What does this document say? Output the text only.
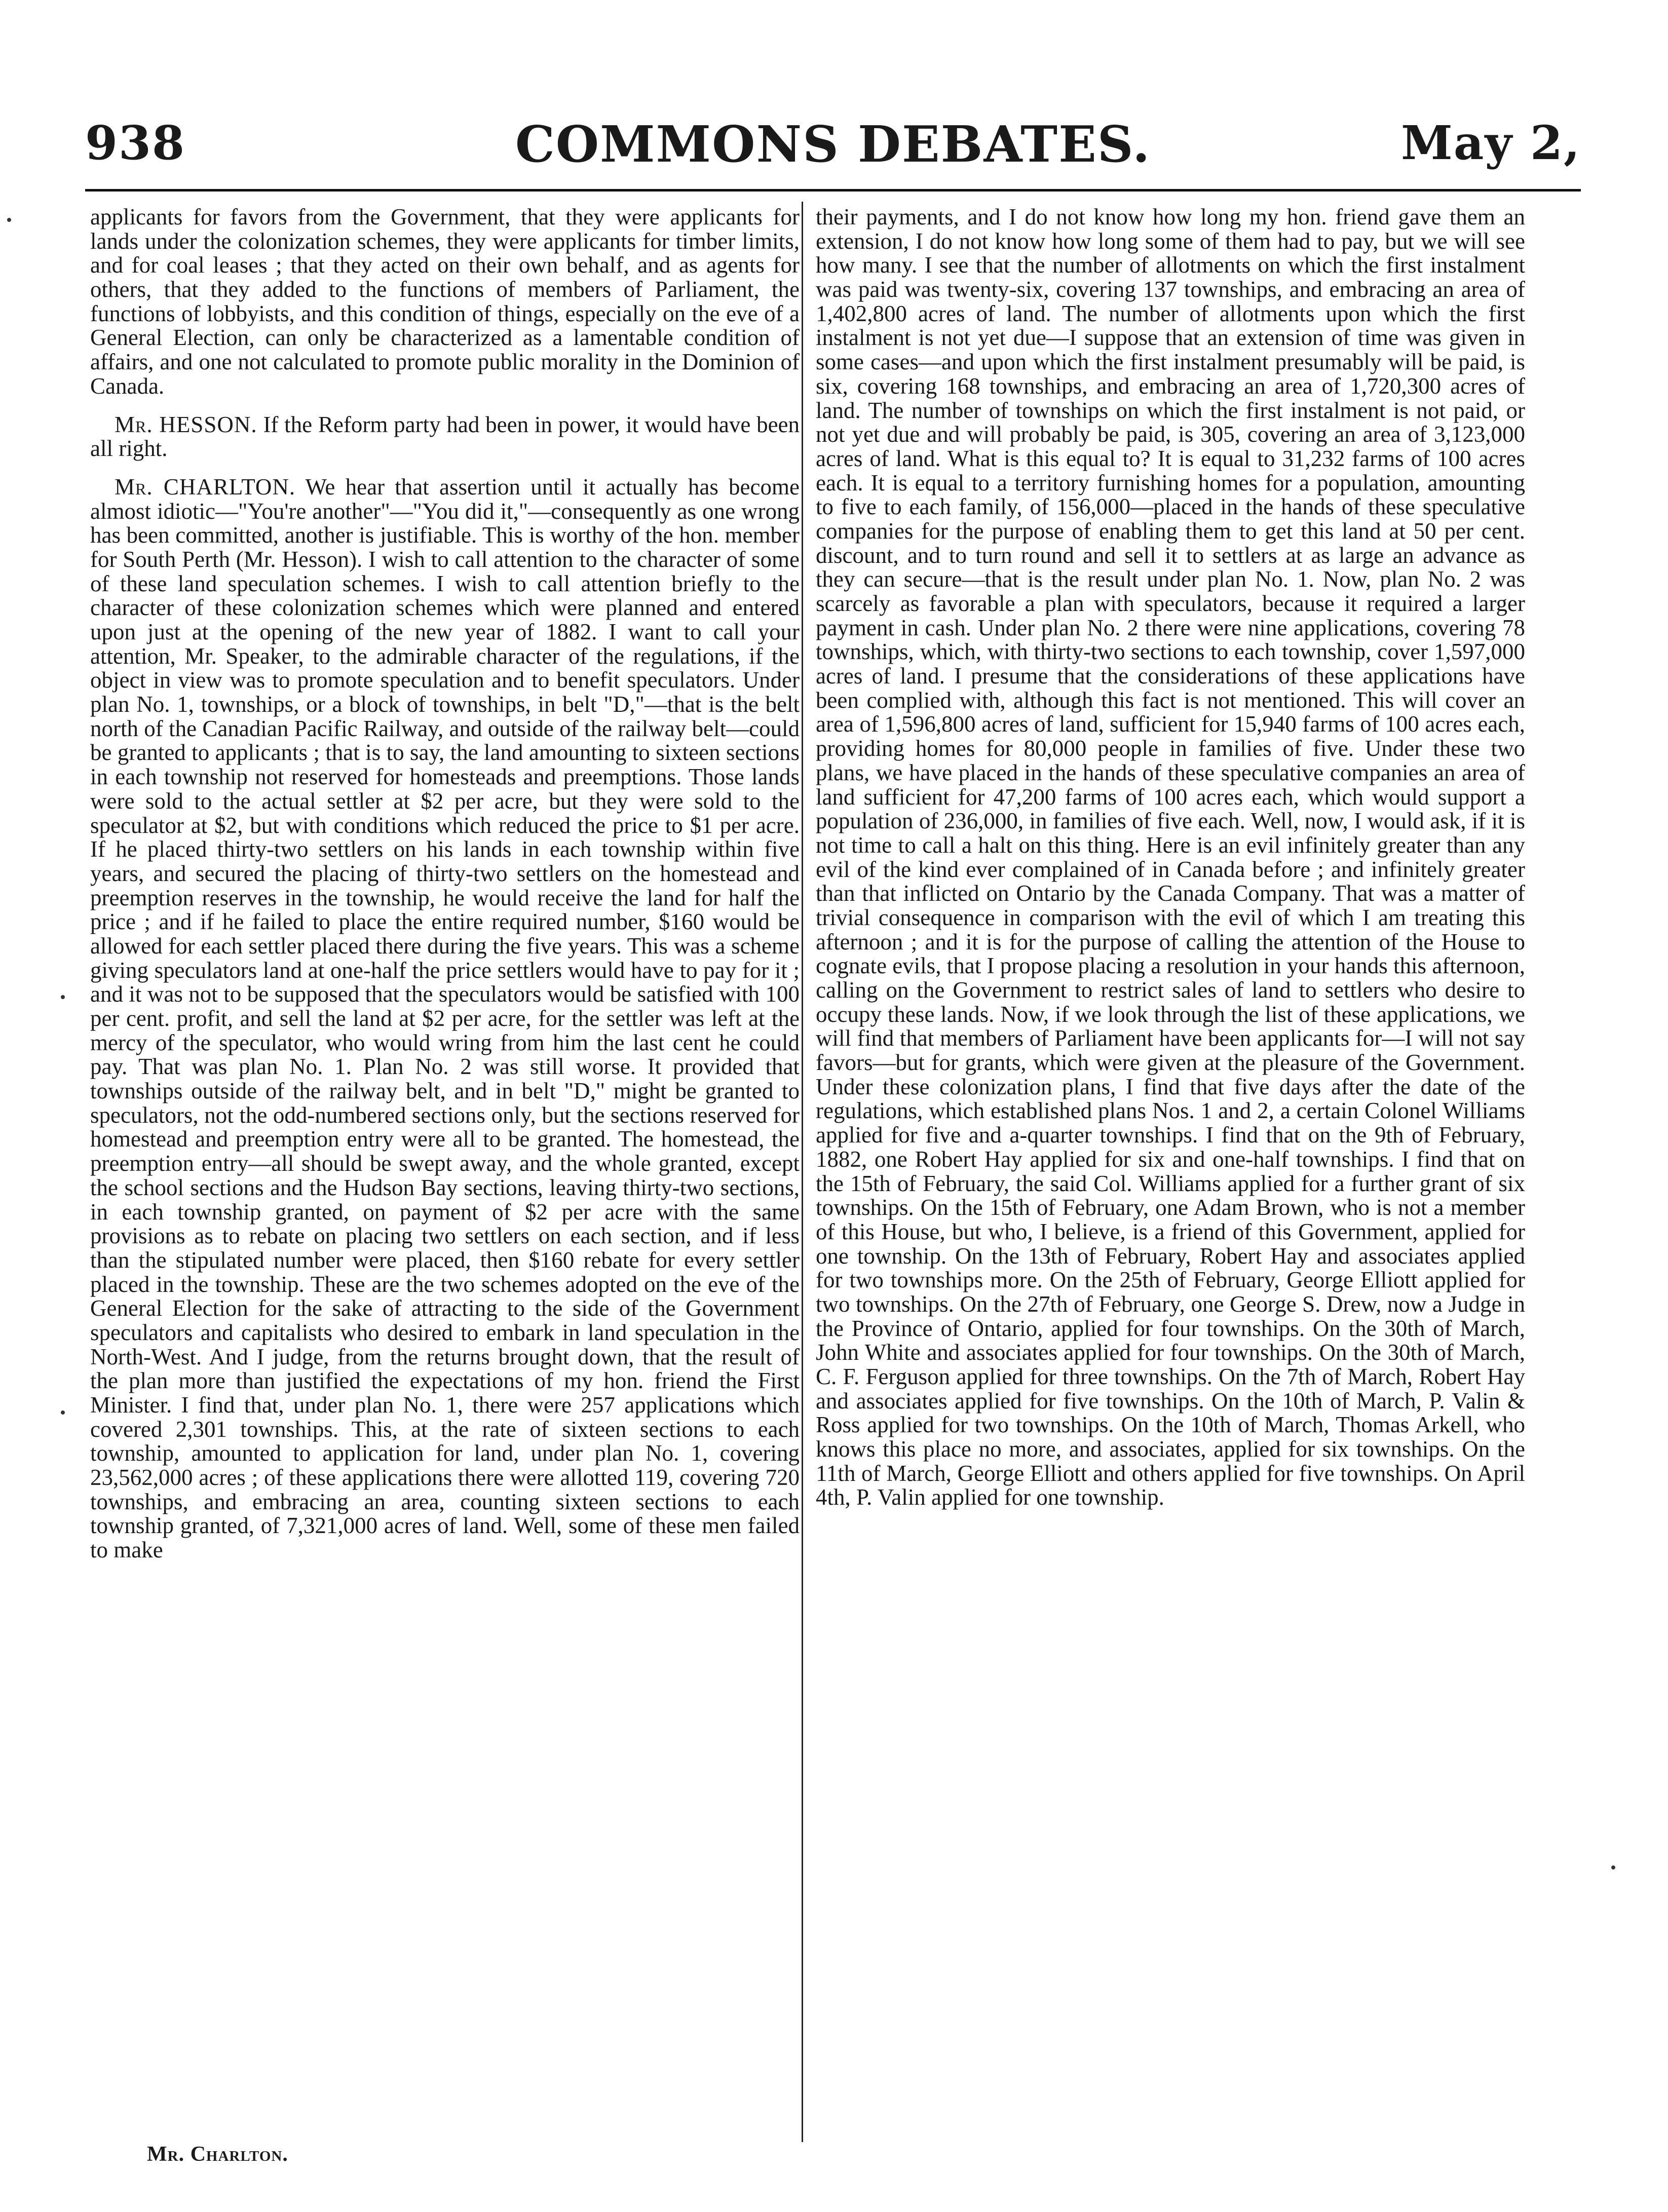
938	COMMONS DEBATES.	May 2,

applicants for favors from the Government, that they were applicants for lands under the colonization schemes, they were applicants for timber limits, and for coal leases ; that they acted on their own behalf, and as agents for others, that they added to the functions of members of Parliament, the functions of lobbyists, and this condition of things, especially on the eve of a General Election, can only be characterized as a lamentable condition of affairs, and one not calculated to promote public morality in the Dominion of Canada.

Mr. HESSON. If the Reform party had been in power, it would have been all right.

Mr. CHARLTON. We hear that assertion until it actually has become almost idiotic—"You're another"—"You did it,"—consequently as one wrong has been committed, another is justifiable. This is worthy of the hon. member for South Perth (Mr. Hesson). I wish to call attention to the character of some of these land speculation schemes. I wish to call attention briefly to the character of these colonization schemes which were planned and entered upon just at the opening of the new year of 1882. I want to call your attention, Mr. Speaker, to the admirable character of the regulations, if the object in view was to promote speculation and to benefit speculators. Under plan No. 1, townships, or a block of townships, in belt "D,"—that is the belt north of the Canadian Pacific Railway, and outside of the railway belt—could be granted to applicants ; that is to say, the land amounting to sixteen sections in each township not reserved for homesteads and preemptions. Those lands were sold to the actual settler at $2 per acre, but they were sold to the speculator at $2, but with conditions which reduced the price to $1 per acre. If he placed thirty-two settlers on his lands in each township within five years, and secured the placing of thirty-two settlers on the homestead and preemption reserves in the township, he would receive the land for half the price ; and if he failed to place the entire required number, $160 would be allowed for each settler placed there during the five years. This was a scheme giving speculators land at one-half the price settlers would have to pay for it ; and it was not to be supposed that the speculators would be satisfied with 100 per cent. profit, and sell the land at $2 per acre, for the settler was left at the mercy of the speculator, who would wring from him the last cent he could pay. That was plan No. 1. Plan No. 2 was still worse. It provided that townships outside of the railway belt, and in belt "D," might be granted to speculators, not the odd-numbered sections only, but the sections reserved for homestead and preemption entry were all to be granted. The homestead, the preemption entry—all should be swept away, and the whole granted, except the school sections and the Hudson Bay sections, leaving thirty-two sections, in each township granted, on payment of $2 per acre with the same provisions as to rebate on placing two settlers on each section, and if less than the stipulated number were placed, then $160 rebate for every settler placed in the township. These are the two schemes adopted on the eve of the General Election for the sake of attracting to the side of the Government speculators and capitalists who desired to embark in land speculation in the North-West. And I judge, from the returns brought down, that the result of the plan more than justified the expectations of my hon. friend the First Minister. I find that, under plan No. 1, there were 257 applications which covered 2,301 townships. This, at the rate of sixteen sections to each township, amounted to application for land, under plan No. 1, covering 23,562,000 acres ; of these applications there were allotted 119, covering 720 townships, and embracing an area, counting sixteen sections to each township granted, of 7,321,000 acres of land. Well, some of these men failed to make

their payments, and I do not know how long my hon. friend gave them an extension, I do not know how long some of them had to pay, but we will see how many. I see that the number of allotments on which the first instalment was paid was twenty-six, covering 137 townships, and embracing an area of 1,402,800 acres of land. The number of allotments upon which the first instalment is not yet due—I suppose that an extension of time was given in some cases—and upon which the first instalment presumably will be paid, is six, covering 168 townships, and embracing an area of 1,720,300 acres of land. The number of townships on which the first instalment is not paid, or not yet due and will probably be paid, is 305, covering an area of 3,123,000 acres of land. What is this equal to? It is equal to 31,232 farms of 100 acres each. It is equal to a territory furnishing homes for a population, amounting to five to each family, of 156,000—placed in the hands of these speculative companies for the purpose of enabling them to get this land at 50 per cent. discount, and to turn round and sell it to settlers at as large an advance as they can secure—that is the result under plan No. 1. Now, plan No. 2 was scarcely as favorable a plan with speculators, because it required a larger payment in cash. Under plan No. 2 there were nine applications, covering 78 townships, which, with thirty-two sections to each township, cover 1,597,000 acres of land. I presume that the considerations of these applications have been complied with, although this fact is not mentioned. This will cover an area of 1,596,800 acres of land, sufficient for 15,940 farms of 100 acres each, providing homes for 80,000 people in families of five. Under these two plans, we have placed in the hands of these speculative companies an area of land sufficient for 47,200 farms of 100 acres each, which would support a population of 236,000, in families of five each. Well, now, I would ask, if it is not time to call a halt on this thing. Here is an evil infinitely greater than any evil of the kind ever complained of in Canada before ; and infinitely greater than that inflicted on Ontario by the Canada Company. That was a matter of trivial consequence in comparison with the evil of which I am treating this afternoon ; and it is for the purpose of calling the attention of the House to cognate evils, that I propose placing a resolution in your hands this afternoon, calling on the Government to restrict sales of land to settlers who desire to occupy these lands. Now, if we look through the list of these applications, we will find that members of Parliament have been applicants for—I will not say favors—but for grants, which were given at the pleasure of the Government. Under these colonization plans, I find that five days after the date of the regulations, which established plans Nos. 1 and 2, a certain Colonel Williams applied for five and a-quarter townships. I find that on the 9th of February, 1882, one Robert Hay applied for six and one-half townships. I find that on the 15th of February, the said Col. Williams applied for a further grant of six townships. On the 15th of February, one Adam Brown, who is not a member of this House, but who, I believe, is a friend of this Government, applied for one township. On the 13th of February, Robert Hay and associates applied for two townships more. On the 25th of February, George Elliott applied for two townships. On the 27th of February, one George S. Drew, now a Judge in the Province of Ontario, applied for four townships. On the 30th of March, John White and associates applied for four townships. On the 30th of March, C. F. Ferguson applied for three townships. On the 7th of March, Robert Hay and associates applied for five townships. On the 10th of March, P. Valin & Ross applied for two townships. On the 10th of March, Thomas Arkell, who knows this place no more, and associates, applied for six townships. On the 11th of March, George Elliott and others applied for five townships. On April 4th, P. Valin applied for one township.

Mr. Charlton.
